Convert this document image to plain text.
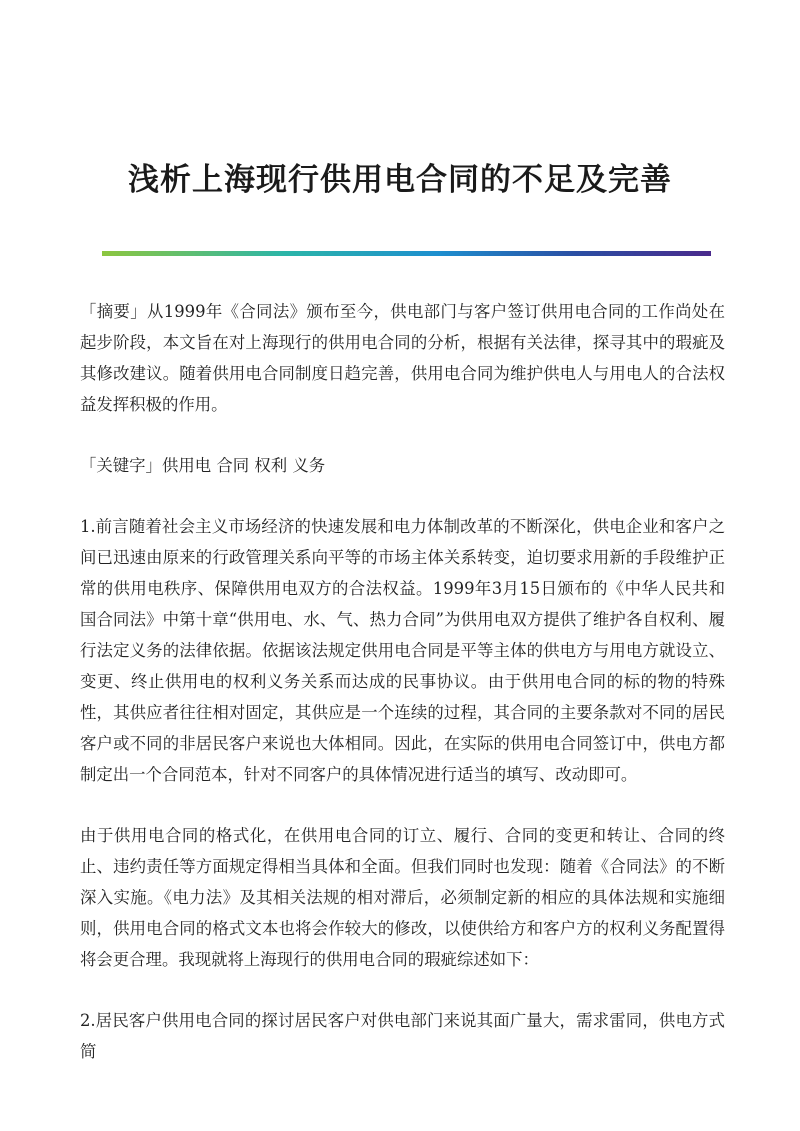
浅析上海现行供用电合同的不足及完善

「摘要」从1999年《合同法》颁布至今，供电部门与客户签订供用电合同的工作尚处在起步阶段，本文旨在对上海现行的供用电合同的分析，根据有关法律，探寻其中的瑕疵及其修改建议。随着供用电合同制度日趋完善，供用电合同为维护供电人与用电人的合法权益发挥积极的作用。

「关键字」供用电 合同 权利 义务

1.前言随着社会主义市场经济的快速发展和电力体制改革的不断深化，供电企业和客户之间已迅速由原来的行政管理关系向平等的市场主体关系转变，迫切要求用新的手段维护正常的供用电秩序、保障供用电双方的合法权益。1999年3月15日颁布的《中华人民共和国合同法》中第十章“供用电、水、气、热力合同”为供用电双方提供了维护各自权利、履行法定义务的法律依据。依据该法规定供用电合同是平等主体的供电方与用电方就设立、变更、终止供用电的权利义务关系而达成的民事协议。由于供用电合同的标的物的特殊性，其供应者往往相对固定，其供应是一个连续的过程，其合同的主要条款对不同的居民客户或不同的非居民客户来说也大体相同。因此，在实际的供用电合同签订中，供电方都制定出一个合同范本，针对不同客户的具体情况进行适当的填写、改动即可。

由于供用电合同的格式化，在供用电合同的订立、履行、合同的变更和转让、合同的终止、违约责任等方面规定得相当具体和全面。但我们同时也发现：随着《合同法》的不断深入实施。《电力法》及其相关法规的相对滞后，必须制定新的相应的具体法规和实施细则，供用电合同的格式文本也将会作较大的修改，以使供给方和客户方的权利义务配置得将会更合理。我现就将上海现行的供用电合同的瑕疵综述如下：

2.居民客户供用电合同的探讨居民客户对供电部门来说其面广量大，需求雷同，供电方式简
